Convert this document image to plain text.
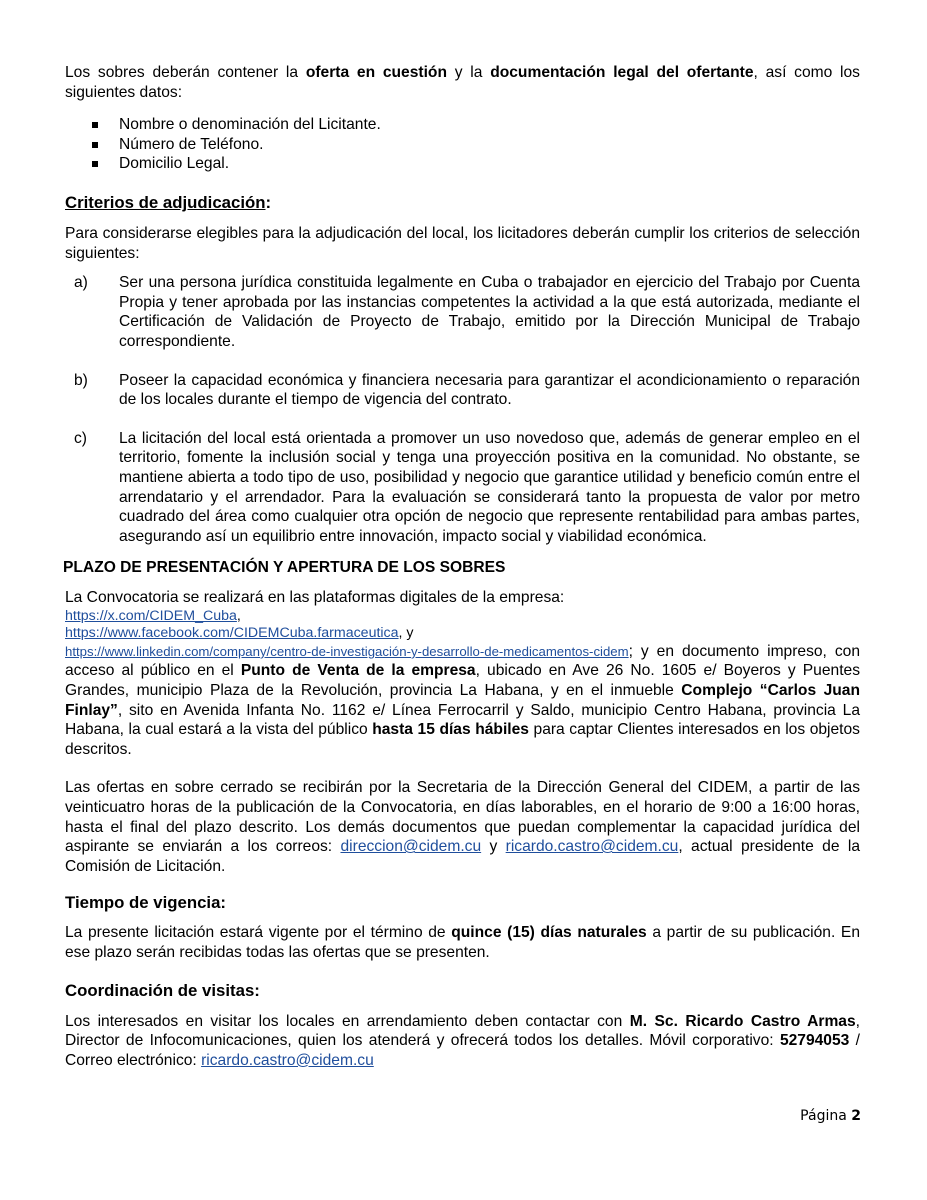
Los sobres deberán contener la oferta en cuestión y la documentación legal del ofertante, así como los siguientes datos:

Nombre o denominación del Licitante.
Número de Teléfono.
Domicilio Legal.
Criterios de adjudicación:

Para considerarse elegibles para la adjudicación del local, los licitadores deberán cumplir los criterios de selección siguientes:

a) Ser una persona jurídica constituida legalmente en Cuba o trabajador en ejercicio del Trabajo por Cuenta Propia y tener aprobada por las instancias competentes la actividad a la que está autorizada, mediante el Certificación de Validación de Proyecto de Trabajo, emitido por la Dirección Municipal de Trabajo correspondiente.

b) Poseer la capacidad económica y financiera necesaria para garantizar el acondicionamiento o reparación de los locales durante el tiempo de vigencia del contrato.

c) La licitación del local está orientada a promover un uso novedoso que, además de generar empleo en el territorio, fomente la inclusión social y tenga una proyección positiva en la comunidad. No obstante, se mantiene abierta a todo tipo de uso, posibilidad y negocio que garantice utilidad y beneficio común entre el arrendatario y el arrendador. Para la evaluación se considerará tanto la propuesta de valor por metro cuadrado del área como cualquier otra opción de negocio que represente rentabilidad para ambas partes, asegurando así un equilibrio entre innovación, impacto social y viabilidad económica.

PLAZO DE PRESENTACIÓN Y APERTURA DE LOS SOBRES
La Convocatoria se realizará en las plataformas digitales de la empresa:
https://x.com/CIDEM_Cuba,
https://www.facebook.com/CIDEMCuba.farmaceutica, y

https://www.linkedin.com/company/centro-de-investigación-y-desarrollo-de-medicamentos-cidem; y en documento impreso, con acceso al público en el Punto de Venta de la empresa, ubicado en Ave 26 No. 1605 e/ Boyeros y Puentes Grandes, municipio Plaza de la Revolución, provincia La Habana, y en el inmueble Complejo “Carlos Juan Finlay”, sito en Avenida Infanta No. 1162 e/ Línea Ferrocarril y Saldo, municipio Centro Habana, provincia La Habana, la cual estará a la vista del público hasta 15 días hábiles para captar Clientes interesados en los objetos descritos.

Las ofertas en sobre cerrado se recibirán por la Secretaria de la Dirección General del CIDEM, a partir de las veinticuatro horas de la publicación de la Convocatoria, en días laborables, en el horario de 9:00 a 16:00 horas, hasta el final del plazo descrito. Los demás documentos que puedan complementar la capacidad jurídica del aspirante se enviarán a los correos: direccion@cidem.cu y ricardo.castro@cidem.cu, actual presidente de la Comisión de Licitación.

Tiempo de vigencia:

La presente licitación estará vigente por el término de quince (15) días naturales a partir de su publicación. En ese plazo serán recibidas todas las ofertas que se presenten.

Coordinación de visitas:

Los interesados en visitar los locales en arrendamiento deben contactar con M. Sc. Ricardo Castro Armas, Director de Infocomunicaciones, quien los atenderá y ofrecerá todos los detalles. Móvil corporativo: 52794053 / Correo electrónico: ricardo.castro@cidem.cu

Página 2
